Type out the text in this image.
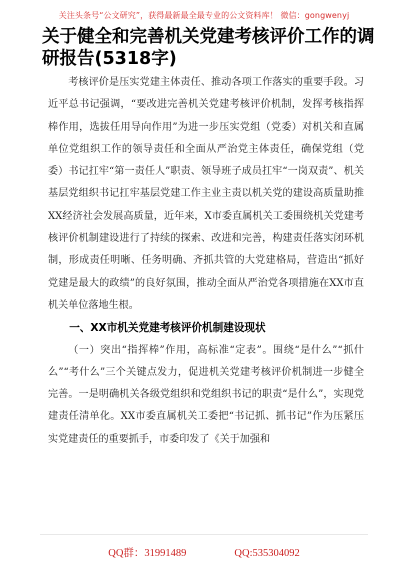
关注头条号“公文研究”，获得最新最全最专业的公文资料库！ 微信：gongwenyj
关于健全和完善机关党建考核评价工作的调研报告(5318字)

考核评价是压实党建主体责任、推动各项工作落实的重要手段。习近平总书记强调，“要改进完善机关党建考核评价机制，发挥考核指挥棒作用，选拔任用导向作用”为进一步压实党组（党委）对机关和直属单位党组织工作的领导责任和全面从严治党主体责任，确保党组（党委）书记扛牢“第一责任人”职责、领导班子成员扛牢“一岗双责”、机关基层党组织书记扛牢基层党建工作主业主责以机关党的建设高质量助推XX经济社会发展高质量，近年来，X市委直属机关工委围绕机关党建考核评价机制建设进行了持续的探索、改进和完善，构建责任落实闭环机制，形成责任明晰、任务明确、齐抓共管的大党建格局，营造出“抓好党建是最大的政绩”的良好氛围，推动全面从严治党各项措施在XX市直机关单位落地生根。

一、XX市机关党建考核评价机制建设现状

（一）突出“指挥棒”作用，高标准“定表”。围绕“是什么”“抓什么”“考什么”三个关键点发力，促进机关党建考核评价机制进一步健全完善。一是明确机关各级党组织和党组织书记的职责“是什么”，实现党建责任清单化。XX市委直属机关工委把“书记抓、抓书记”作为压紧压实党建责任的重要抓手，市委印发了《关于加强和

QQ群：31991489	QQ:535304092
